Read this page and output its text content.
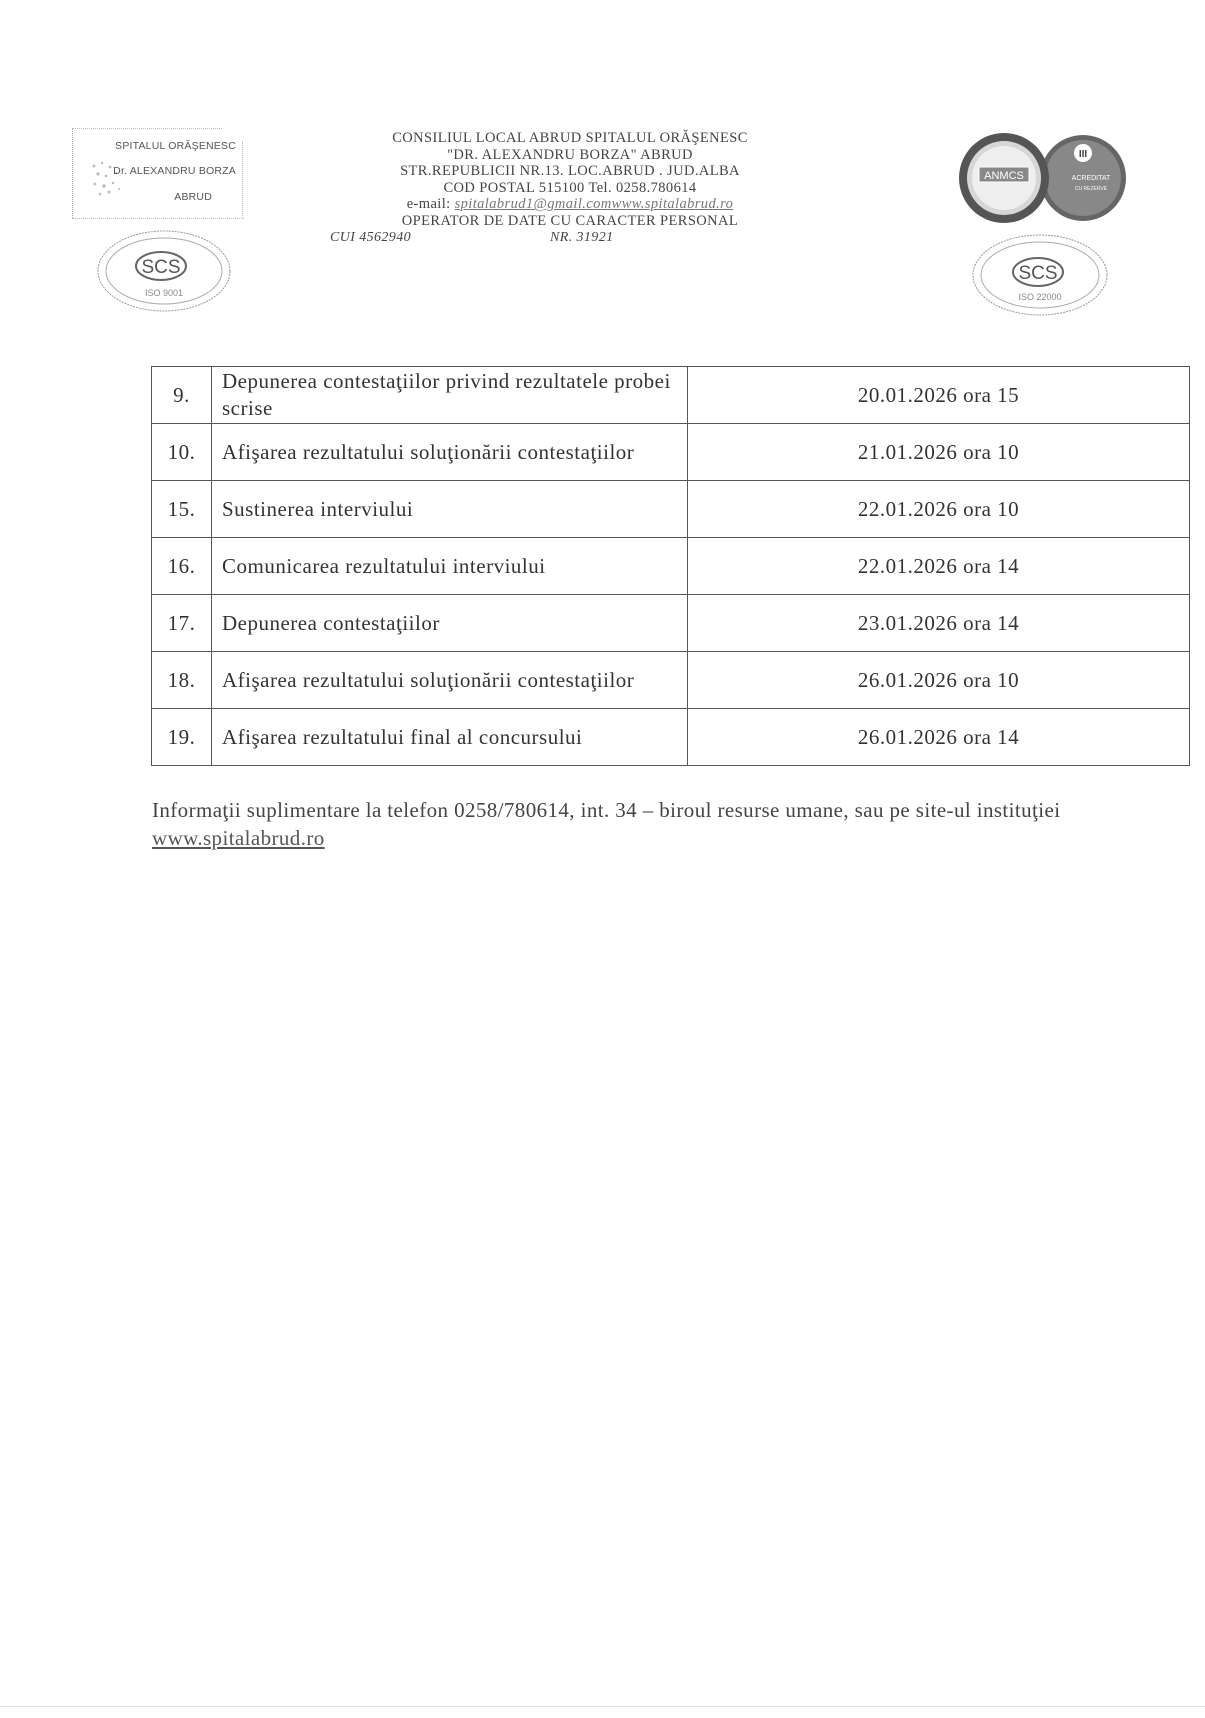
SPITALUL ORĂŞENESC
Dr. ALEXANDRU BORZA
ABRUD
SCS
ISO 9001
CONSILIUL LOCAL ABRUD SPITALUL ORĂŞENESC
"DR. ALEXANDRU BORZA" ABRUD
STR.REPUBLICII NR.13. LOC.ABRUD . JUD.ALBA
COD POSTAL 515100 Tel. 0258.780614
e-mail: spitalabrud1@gmail.comwww.spitalabrud.ro
OPERATOR DE DATE CU CARACTER PERSONAL
CUI 4562940	NR. 31921
ANMCS
III
ACREDITAT
CU REZERVE
SCS
ISO 22000
9.	Depunerea contestaţiilor privind rezultatele probei scrise	20.01.2026 ora 15
10.	Afişarea rezultatului soluţionării contestaţiilor	21.01.2026 ora 10
15.	Sustinerea interviului	22.01.2026 ora 10
16.	Comunicarea rezultatului interviului	22.01.2026 ora 14
17.	Depunerea contestaţiilor	23.01.2026 ora 14
18.	Afişarea rezultatului soluţionării contestaţiilor	26.01.2026 ora 10
19.	Afişarea rezultatului final al concursului	26.01.2026 ora 14
Informaţii suplimentare la telefon 0258/780614, int. 34 – biroul resurse umane, sau pe site-ul instituţiei
www.spitalabrud.ro
